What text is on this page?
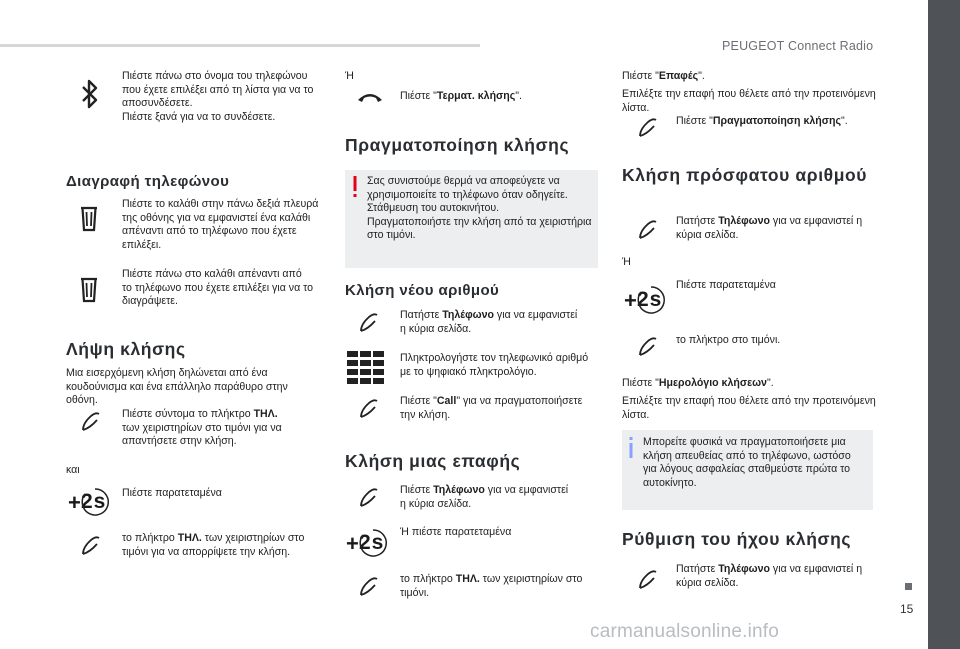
PEUGEOT Connect Radio
15
carmanualsonline.info
Πιέστε πάνω στο όνομα του τηλεφώνου
που έχετε επιλέξει από τη λίστα για να το
αποσυνδέσετε.
Πιέστε ξανά για να το συνδέσετε.
Διαγραφή τηλεφώνου
Πιέστε το καλάθι στην πάνω δεξιά πλευρά
της οθόνης για να εμφανιστεί ένα καλάθι
απέναντι από το τηλέφωνο που έχετε
επιλέξει.
Πιέστε πάνω στο καλάθι απέναντι από
το τηλέφωνο που έχετε επιλέξει για να το
διαγράψετε.
Λήψη κλήσης
Μια εισερχόμενη κλήση δηλώνεται από ένα
κουδούνισμα και ένα επάλληλο παράθυρο στην
οθόνη.
Πιέστε σύντομα το πλήκτρο ΤΗΛ.
των χειριστηρίων στο τιμόνι για να
απαντήσετε στην κλήση.
και
+ 2s Πιέστε παρατεταμένα
το πλήκτρο ΤΗΛ. των χειριστηρίων στο
τιμόνι για να απορρίψετε την κλήση.
Ή
Πιέστε "Τερματ. κλήσης".
Πραγματοποίηση κλήσης
Σας συνιστούμε θερμά να αποφεύγετε να
χρησιμοποιείτε το τηλέφωνο όταν οδηγείτε.
Στάθμευση του αυτοκινήτου.
Πραγματοποιήστε την κλήση από τα χειριστήρια
στο τιμόνι.
Κλήση νέου αριθμού
Πατήστε Τηλέφωνο για να εμφανιστεί
η κύρια σελίδα.
Πληκτρολογήστε τον τηλεφωνικό αριθμό
με το ψηφιακό πληκτρολόγιο.
Πιέστε "Call" για να πραγματοποιήσετε
την κλήση.
Κλήση μιας επαφής
Πιέστε Τηλέφωνο για να εμφανιστεί
η κύρια σελίδα.
+ 2s Ή πιέστε παρατεταμένα
το πλήκτρο ΤΗΛ. των χειριστηρίων στο
τιμόνι.
Πιέστε "Επαφές".
Επιλέξτε την επαφή που θέλετε από την προτεινόμενη
λίστα.
Πιέστε "Πραγματοποίηση κλήσης".
Κλήση πρόσφατου αριθμού
Πατήστε Τηλέφωνο για να εμφανιστεί η
κύρια σελίδα.
Ή
+ 2s
Πιέστε παρατεταμένα
το πλήκτρο στο τιμόνι.
Πιέστε "Ημερολόγιο κλήσεων".
Επιλέξτε την επαφή που θέλετε από την προτεινόμενη
λίστα.
Μπορείτε φυσικά να πραγματοποιήσετε μια
κλήση απευθείας από το τηλέφωνο, ωστόσο
για λόγους ασφαλείας σταθμεύστε πρώτα το
αυτοκίνητο.
Ρύθμιση του ήχου κλήσης
Πατήστε Τηλέφωνο για να εμφανιστεί η
κύρια σελίδα.
